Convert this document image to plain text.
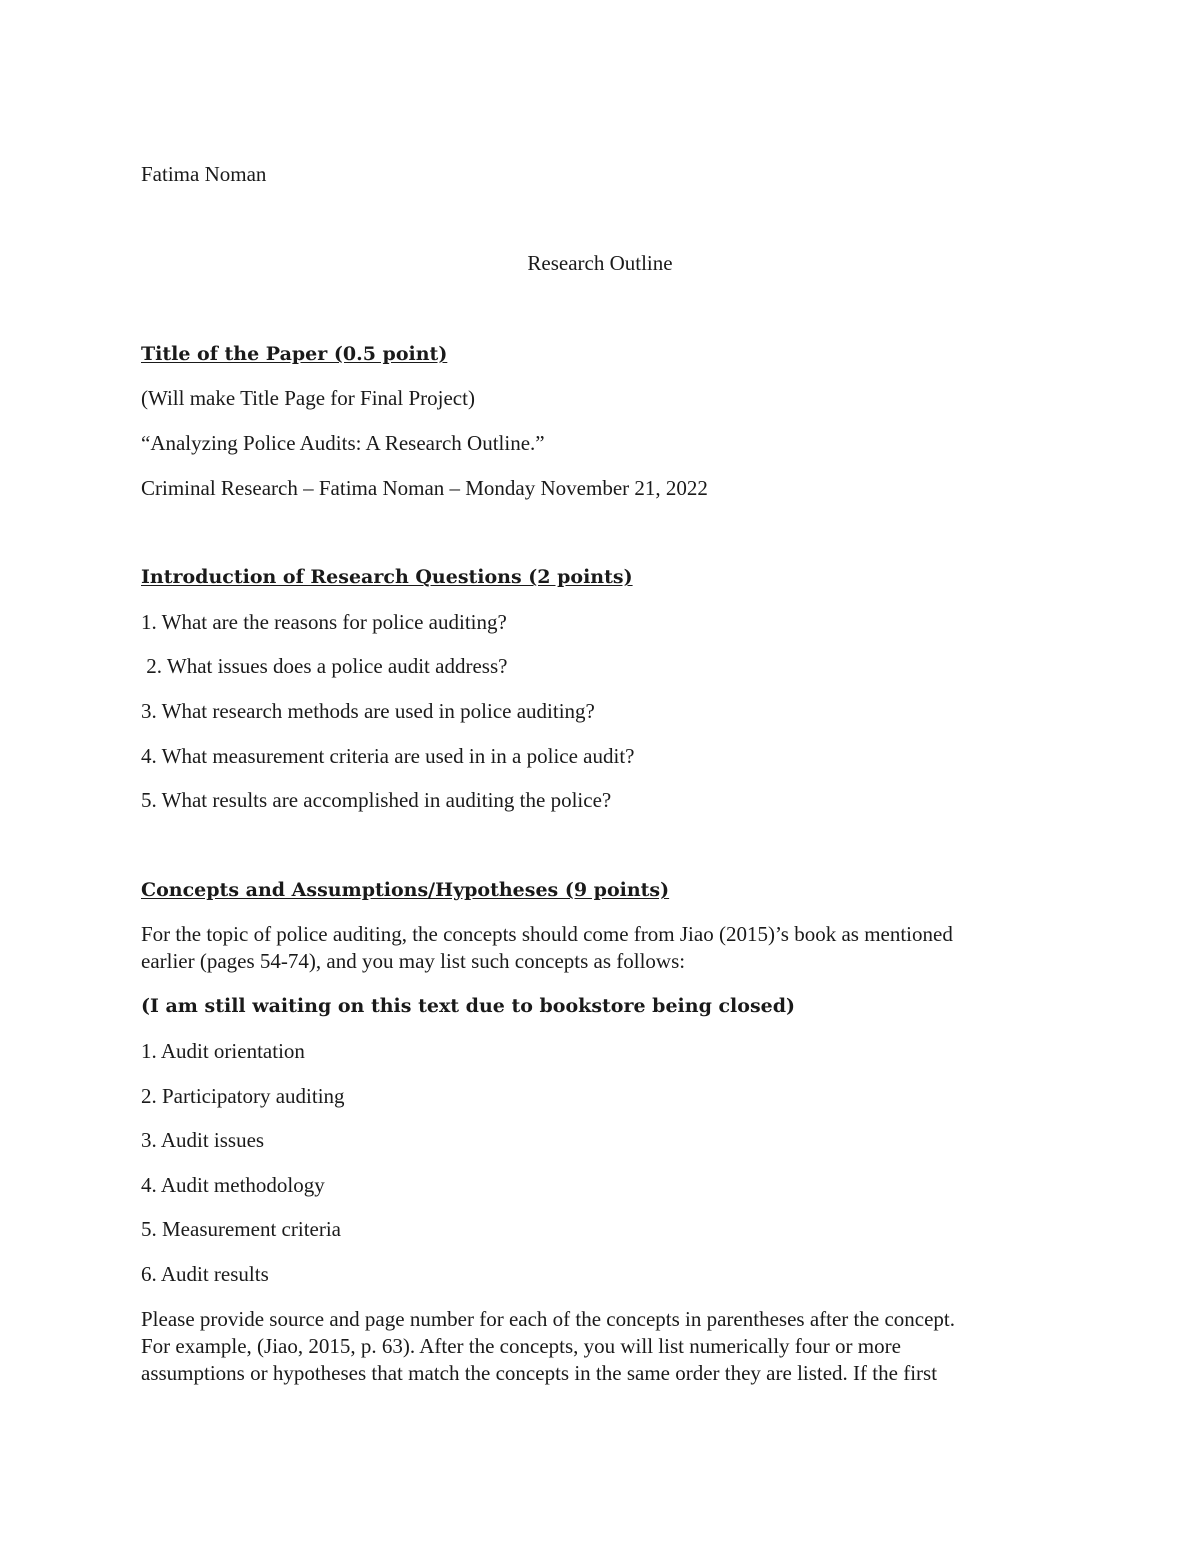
Fatima Noman
Research Outline
Title of the Paper (0.5 point)
(Will make Title Page for Final Project)
“Analyzing Police Audits: A Research Outline.”
Criminal Research – Fatima Noman – Monday November 21, 2022
Introduction of Research Questions (2 points)
1. What are the reasons for police auditing?
2. What issues does a police audit address?
3. What research methods are used in police auditing?
4. What measurement criteria are used in in a police audit?
5. What results are accomplished in auditing the police?
Concepts and Assumptions/Hypotheses (9 points)
For the topic of police auditing, the concepts should come from Jiao (2015)’s book as mentioned
earlier (pages 54-74), and you may list such concepts as follows:
(I am still waiting on this text due to bookstore being closed)
1. Audit orientation
2. Participatory auditing
3. Audit issues
4. Audit methodology
5. Measurement criteria
6. Audit results
Please provide source and page number for each of the concepts in parentheses after the concept.
For example, (Jiao, 2015, p. 63). After the concepts, you will list numerically four or more
assumptions or hypotheses that match the concepts in the same order they are listed. If the first
